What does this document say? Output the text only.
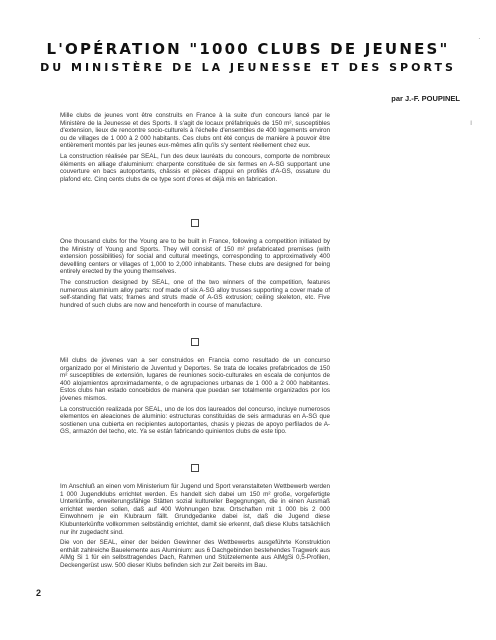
L'OPÉRATION "1000 CLUBS DE JEUNES"
DU MINISTÈRE DE LA JEUNESSE ET DES SPORTS
par J.-F. POUPINEL
·
ı

Mille clubs de jeunes vont être construits en France à la suite d'un concours lancé par le Ministère de la Jeunesse et des Sports. Il s'agit de locaux préfabriqués de 150 m², susceptibles d'extension, lieux de rencontre socio-culturels à l'échelle d'ensembles de 400 logements environ ou de villages de 1 000 à 2 000 habitants. Ces clubs ont été conçus de manière à pouvoir être entièrement montés par les jeunes eux-mêmes afin qu'ils s'y sentent réellement chez eux.

La construction réalisée par SEAL, l'un des deux lauréats du concours, comporte de nombreux éléments en alliage d'aluminium: charpente constituée de six fermes en A-SG supportant une couverture en bacs autoportants, châssis et pièces d'appui en profilés d'A-GS, ossature du plafond etc. Cinq cents clubs de ce type sont d'ores et déjà mis en fabrication.

One thousand clubs for the Young are to be built in France, following a competition initiated by the Ministry of Young and Sports. They will consist of 150 m² prefabricated premises (with extension possibilities) for social and cultural meetings, corresponding to approximatively 400 devellling centers or villages of 1,000 to 2,000 inhabitants. These clubs are designed for being entirely erected by the young themselves.

The construction designed by SEAL, one of the two winners of the competition, features numerous aluminium alloy parts: roof made of six A-SG alloy trusses supporting a cover made of self-standing flat vats; frames and struts made of A-GS extrusion; ceiling skeleton, etc. Five hundred of such clubs are now and henceforth in course of manufacture.

Mil clubs de jóvenes van a ser construidos en Francia como resultado de un concurso organizado por el Ministerio de Juventud y Deportes. Se trata de locales prefabricados de 150 m² susceptibles de extensión, lugares de reuniones socio-culturales en escala de conjuntos de 400 alojamientos aproximadamente, o de agrupaciones urbanas de 1 000 a 2 000 habitantes. Estos clubs han estado concebidos de manera que puedan ser totalmente organizados por los jóvenes mismos.

La construcción realizada por SEAL, uno de los dos laureados del concurso, incluye numerosos elementos en aleaciones de aluminio: estructuras constituidas de seis armaduras en A-SG que sostienen una cubierta en recipientes autoportantes, chasis y piezas de apoyo perfilados de A-GS, armazón del techo, etc. Ya se están fabricando quinientos clubs de este tipo.

Im Anschluß an einen vom Ministerium für Jugend und Sport veranstalteten Wettbewerb werden 1 000 Jugendklubs errichtet werden. Es handelt sich dabei um 150 m² große, vorgefertigte Unterkünfte, erweiterungsfähige Stätten sozial kultureller Begegnungen, die in einen Ausmaß errichtet werden sollen, daß auf 400 Wohnungen bzw. Ortschaften mit 1 000 bis 2 000 Einwohnern je ein Klubraum fällt. Grundgedanke dabei ist, daß die Jugend diese Klubunterkünfte vollkommen selbständig errichtet, damit sie erkennt, daß diese Klubs tatsächlich nur ihr zugedacht sind.

Die von der SEAL, einer der beiden Gewinner des Wettbewerbs ausgeführte Konstruktion enthält zahlreiche Bauelemente aus Aluminium: aus 6 Dachgebinden bestehendes Tragwerk aus AlMg Si 1 für ein selbsttragendes Dach, Rahmen und Stützelemente aus AlMgSi 0,5-Profilen, Deckengerüst usw. 500 dieser Klubs befinden sich zur Zeit bereits im Bau.

2
